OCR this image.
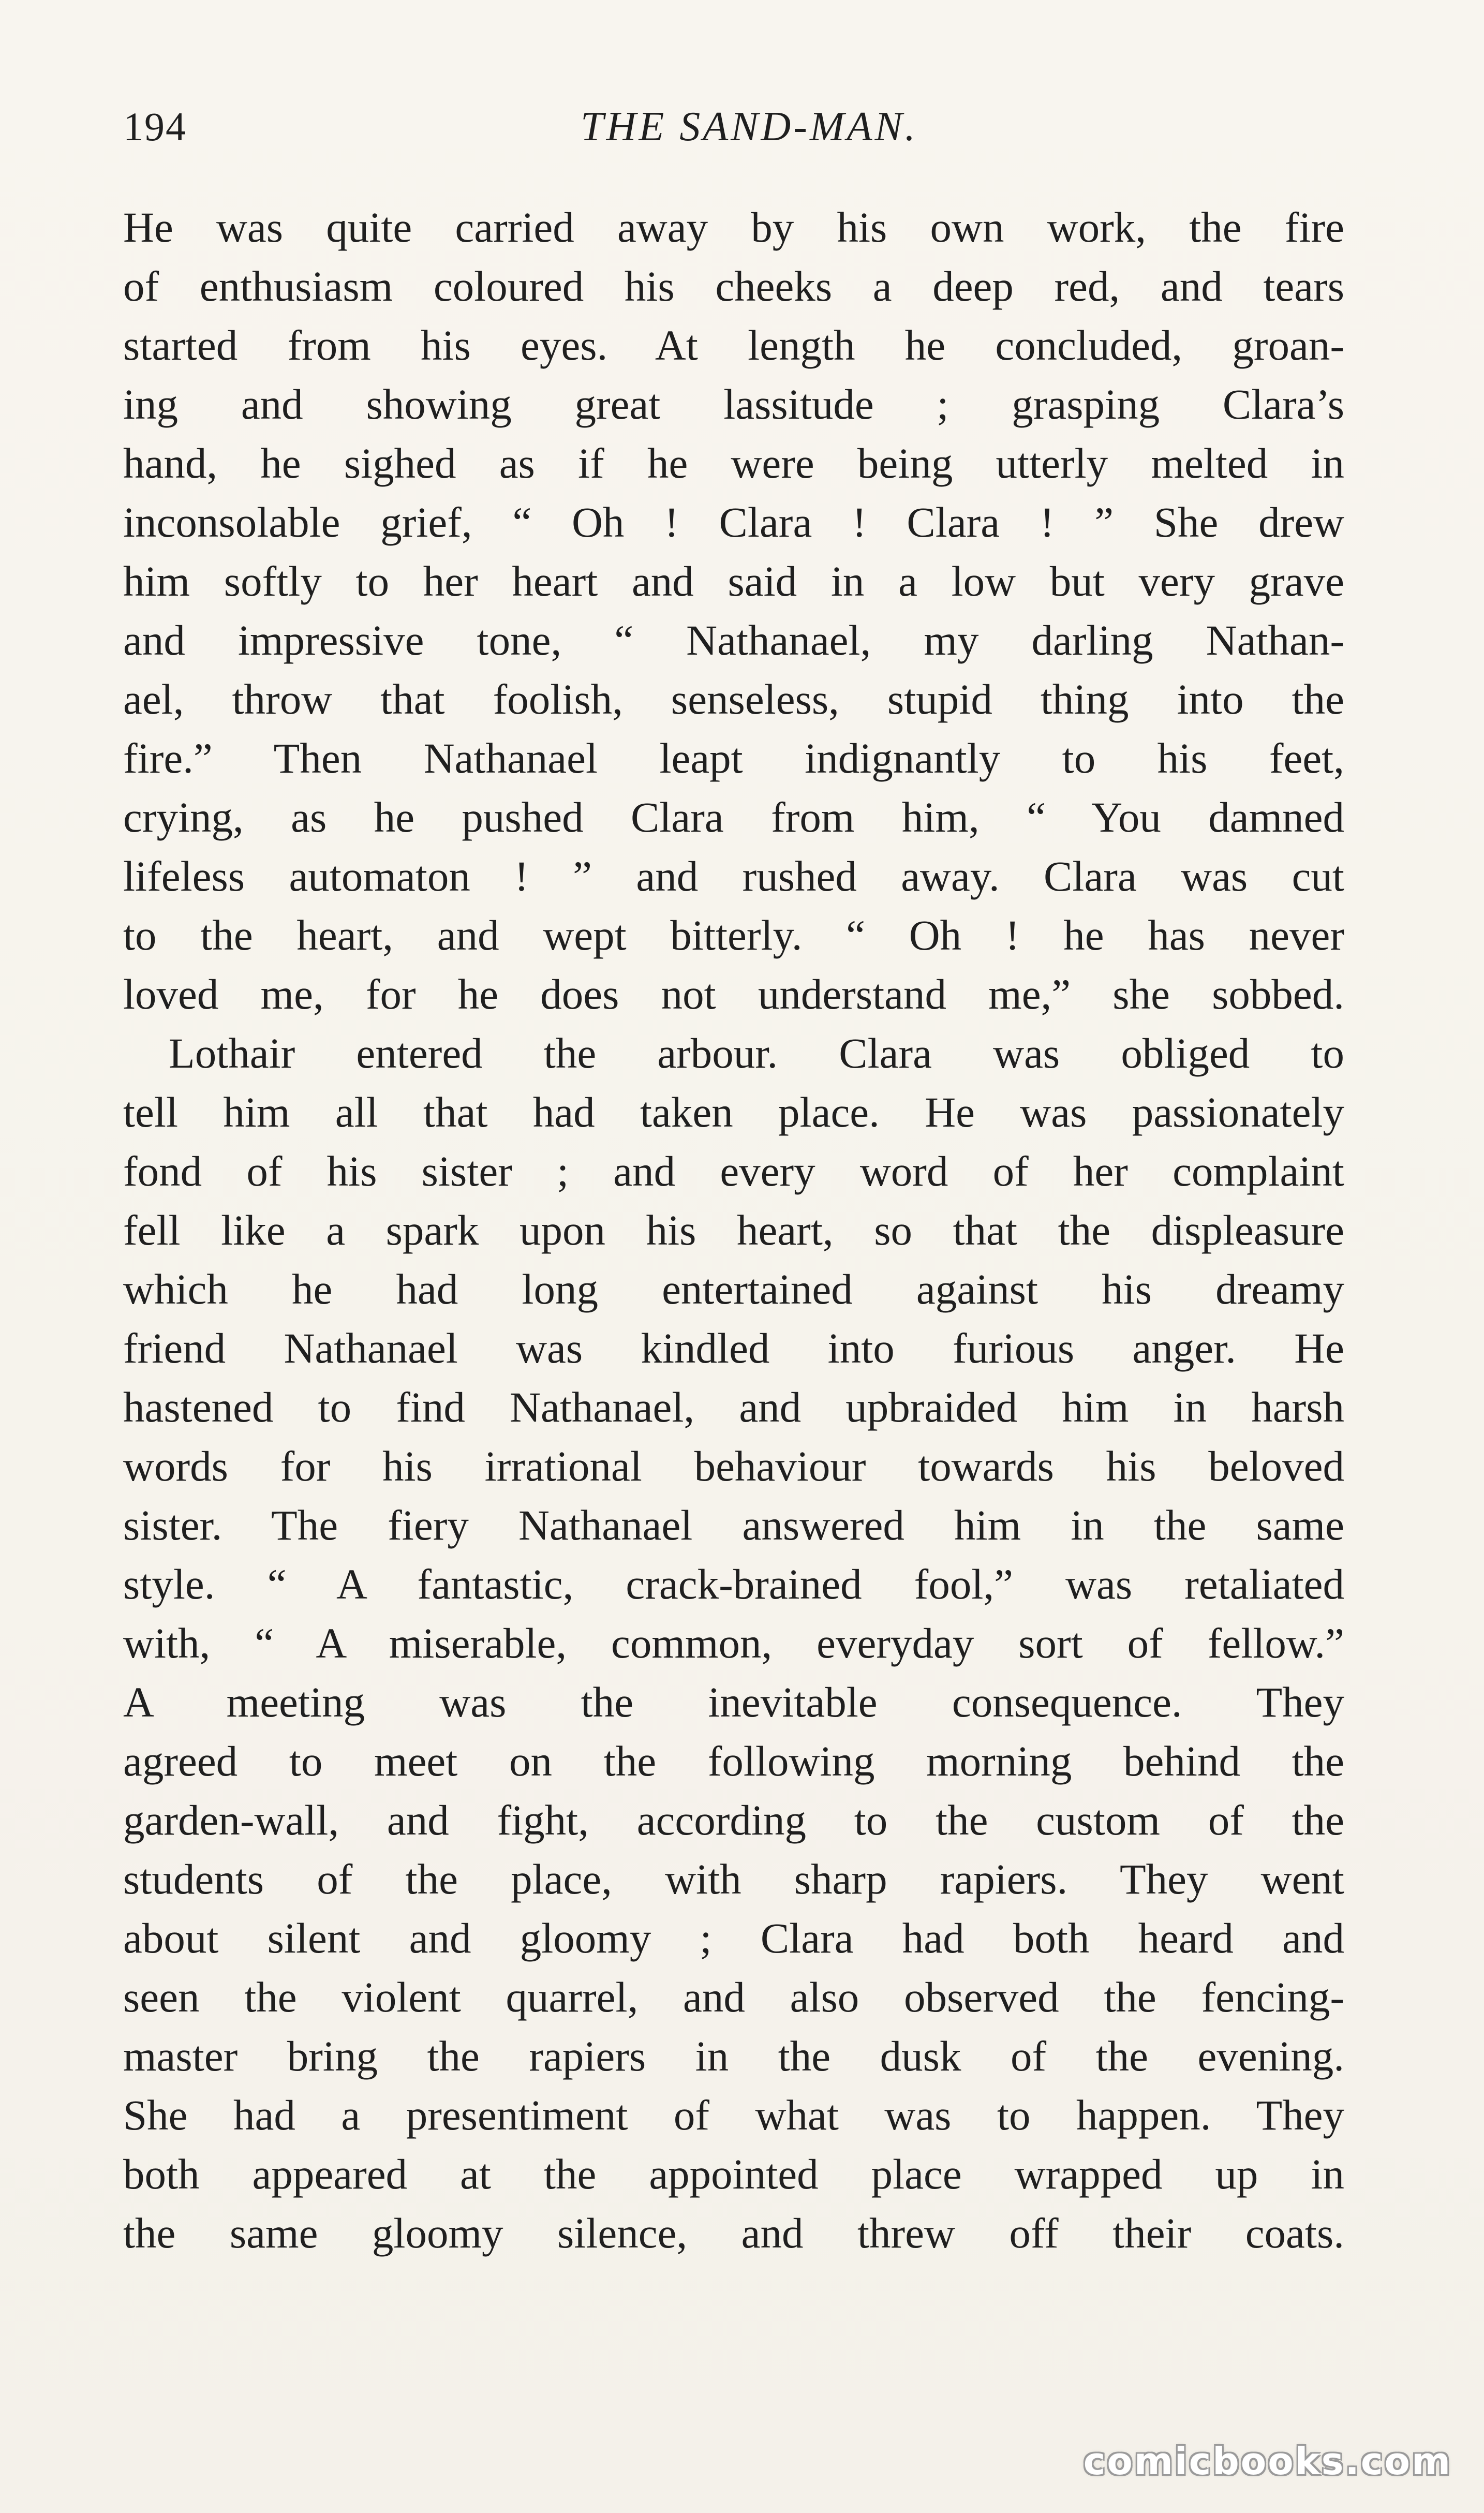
194	THE SAND-MAN.
He was quite carried away by his own work, the fire
of enthusiasm coloured his cheeks a deep red, and tears
started from his eyes. At length he concluded, groan-
ing and showing great lassitude ; grasping Clara’s
hand, he sighed as if he were being utterly melted in
inconsolable grief, “ Oh ! Clara ! Clara ! ” She drew
him softly to her heart and said in a low but very grave
and impressive tone, “ Nathanael, my darling Nathan-
ael, throw that foolish, senseless, stupid thing into the
fire.” Then Nathanael leapt indignantly to his feet,
crying, as he pushed Clara from him, “ You damned
lifeless automaton ! ” and rushed away. Clara was cut
to the heart, and wept bitterly. “ Oh ! he has never
loved me, for he does not understand me,” she sobbed.
Lothair entered the arbour. Clara was obliged to
tell him all that had taken place. He was passionately
fond of his sister ; and every word of her complaint
fell like a spark upon his heart, so that the displeasure
which he had long entertained against his dreamy
friend Nathanael was kindled into furious anger. He
hastened to find Nathanael, and upbraided him in harsh
words for his irrational behaviour towards his beloved
sister. The fiery Nathanael answered him in the same
style. “ A fantastic, crack-brained fool,” was retaliated
with, “ A miserable, common, everyday sort of fellow.”
A meeting was the inevitable consequence. They
agreed to meet on the following morning behind the
garden-wall, and fight, according to the custom of the
students of the place, with sharp rapiers. They went
about silent and gloomy ; Clara had both heard and
seen the violent quarrel, and also observed the fencing-
master bring the rapiers in the dusk of the evening.
She had a presentiment of what was to happen. They
both appeared at the appointed place wrapped up in
the same gloomy silence, and threw off their coats.
comicbooks.com
